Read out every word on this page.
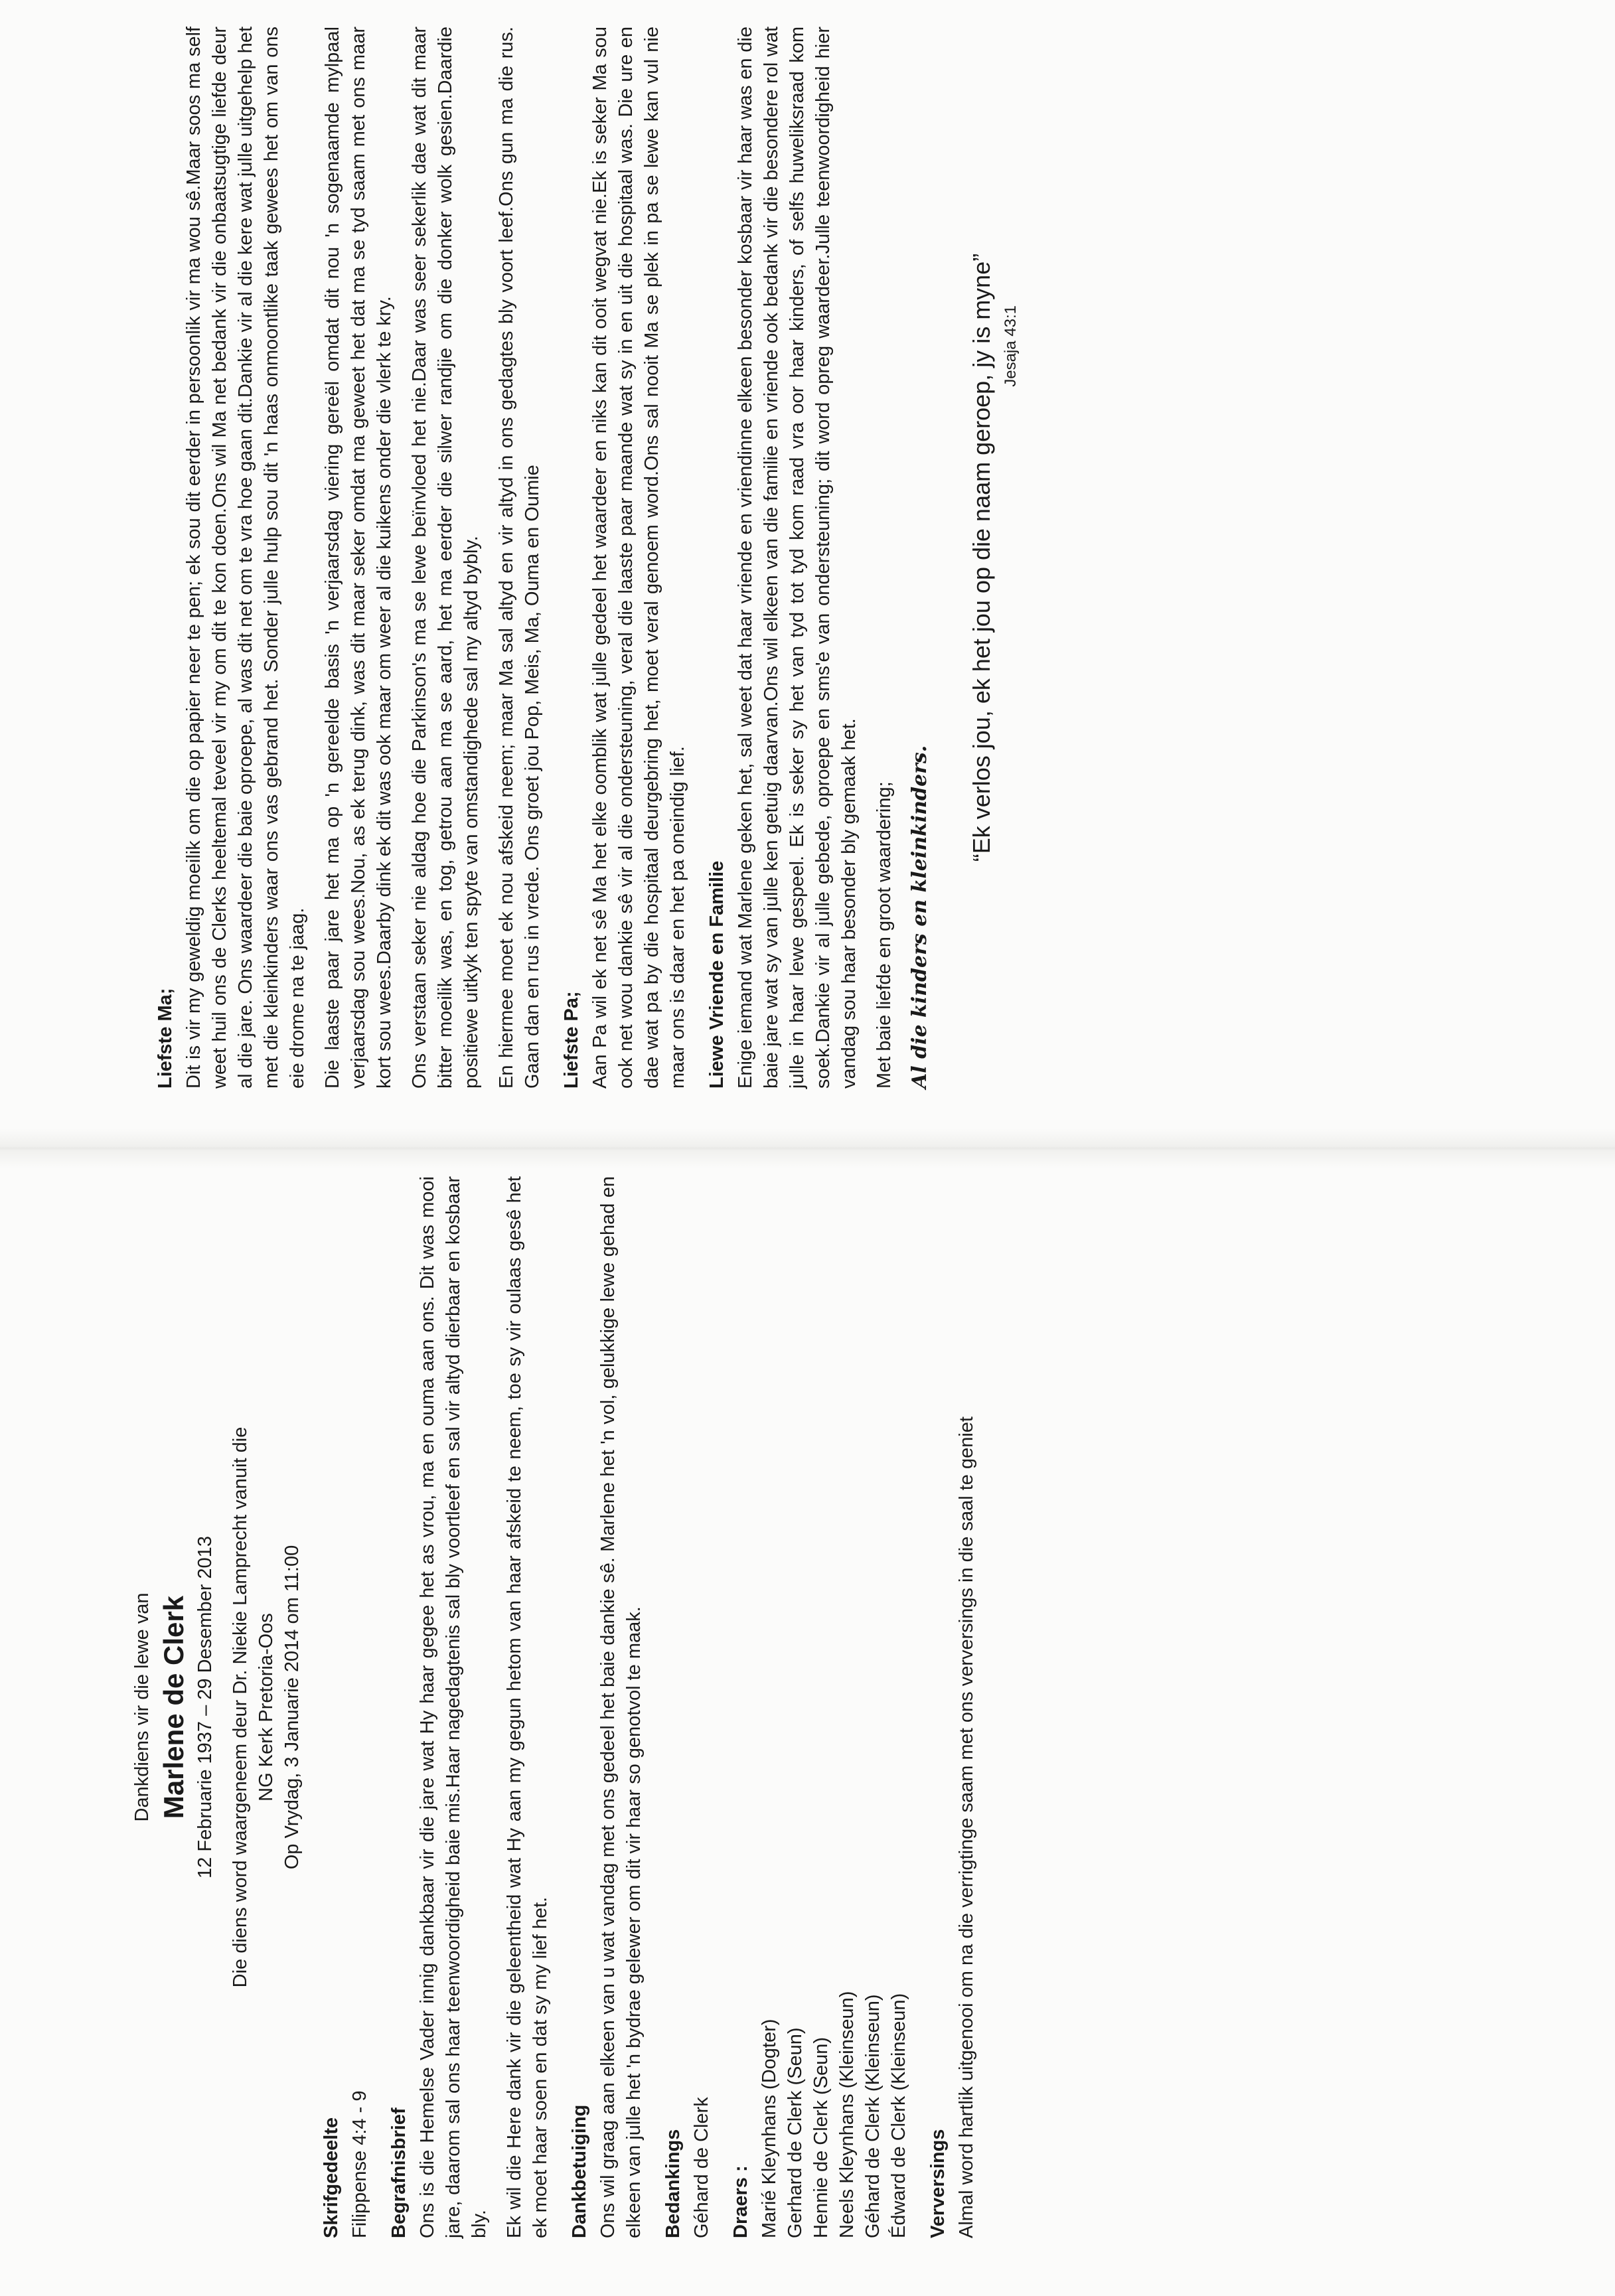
Liefste Ma; Dit is vir my geweldig moeilik om die op papier neer te pen; ek sou dit eerder in persoonlik vir ma wou sê.Maar soos ma self weet huil ons de Clerks heeltemal teveel vir my om dit te kon doen.Ons wil Ma net bedank vir die onbaatsugtige liefde deur al die jare. Ons waardeer die baie oproepe, al was dit net om te vra hoe gaan dit.Dankie vir al die kere wat julle uitgehelp het met die kleinkinders waar ons vas gebrand het. Sonder julle hulp sou dit 'n haas onmoontlike taak gewees het om van ons eie drome na te jaag. Die laaste paar jare het ma op 'n gereelde basis 'n verjaarsdag viering gereël omdat dit nou 'n sogenaamde mylpaal verjaarsdag sou wees.Nou, as ek terug dink, was dit maar seker omdat ma geweet het dat ma se tyd saam met ons maar kort sou wees.Daarby dink ek dit was ook maar om weer al die kuikens onder die vlerk te kry. Ons verstaan seker nie aldag hoe die Parkinson's ma se lewe beïnvloed het nie.Daar was seer sekerlik dae wat dit maar bitter moeilik was, en tog, getrou aan ma se aard, het ma eerder die silwer randjie om die donker wolk gesien.Daardie positiewe uitkyk ten spyte van omstandighede sal my altyd bybly. En hiermee moet ek nou afskeid neem; maar Ma sal altyd en vir altyd in ons gedagtes bly voort leef.Ons gun ma die rus. Gaan dan en rus in vrede. Ons groet jou Pop, Meis, Ma, Ouma en Oumie Liefste Pa; Aan Pa wil ek net sê Ma het elke oomblik wat julle gedeel het waardeer en niks kan dit ooit wegvat nie.Ek is seker Ma sou ook net wou dankie sê vir al die ondersteuning, veral die laaste paar maande wat sy in en uit die hospitaal was. Die ure en dae wat pa by die hospitaal deurgebring het, moet veral genoem word.Ons sal nooit Ma se plek in pa se lewe kan vul nie maar ons is daar en het pa oneindig lief. Liewe Vriende en Familie Enige iemand wat Marlene geken het, sal weet dat haar vriende en vriendinne elkeen besonder kosbaar vir haar was en die baie jare wat sy van julle ken getuig daarvan.Ons wil elkeen van die familie en vriende ook bedank vir die besondere rol wat julle in haar lewe gespeel. Ek is seker sy het van tyd tot tyd kom raad vra oor haar kinders, of selfs huweliksraad kom soek.Dankie vir al julle gebede, oproepe en sms'e van ondersteuning; dit word opreg waardeer.Julle teenwoordigheid hier vandag sou haar besonder bly gemaak het. Met baie liefde en groot waardering; Al die kinders en kleinkinders.
“Ek verlos jou, ek het jou op die naam geroep, jy is myne” Jesaja 43:1
Dankdiens vir die lewe van Marlene de Clerk 12 Februarie 1937 – 29 Desember 2013 Die diens word waargeneem deur Dr. Niekie Lamprecht vanuit die NG Kerk Pretoria-Oos Op Vrydag, 3 Januarie 2014 om 11:00
Skrifgedeelte Filippense 4:4 - 9 Begrafnisbrief Ons is die Hemelse Vader innig dankbaar vir die jare wat Hy haar gegee het as vrou, ma en ouma aan ons. Dit was mooi jare, daarom sal ons haar teenwoordigheid baie mis.Haar nagedagtenis sal bly voortleef en sal vir altyd dierbaar en kosbaar bly. Ek wil die Here dank vir die geleentheid wat Hy aan my gegun hetom van haar afskeid te neem, toe sy vir oulaas gesê het ek moet haar soen en dat sy my lief het. Dankbetuiging Ons wil graag aan elkeen van u wat vandag met ons gedeel het baie dankie sê. Marlene het 'n vol, gelukkige lewe gehad en elkeen van julle het 'n bydrae gelewer om dit vir haar so genotvol te maak. Bedankings Géhard de Clerk Draers : Marié Kleynhans (Dogter) Gerhard de Clerk (Seun) Hennie de Clerk (Seun) Neels Kleynhans (Kleinseun) Géhard de Clerk (Kleinseun) Édward de Clerk (Kleinseun) Verversings Almal word hartlik uitgenooi om na die verrigtinge saam met ons verversings in die saal te geniet
